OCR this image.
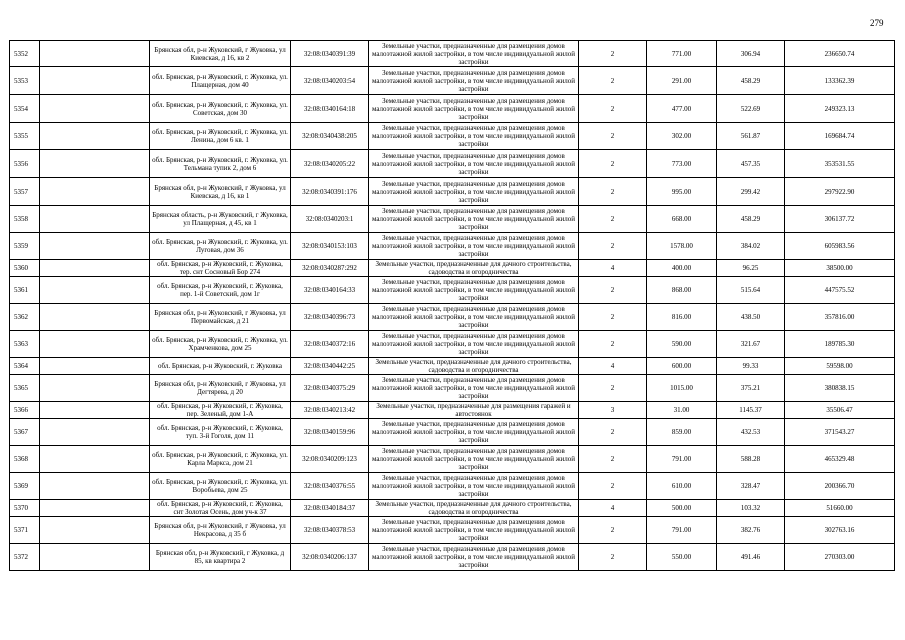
279
5352		Брянская обл, р-н Жуковский, г Жуковка, ул Киевская, д 16, кв 2	32:08:0340391:39	Земельные участки, предназначенные для размещения домов малоэтажной жилой застройки, в том числе индивидуальной жилой застройки	2	771.00	306.94	236650.74
5353		обл. Брянская, р-н Жуковский, г. Жуковка, ул. Плащерная, дом 40	32:08:0340203:54	Земельные участки, предназначенные для размещения домов малоэтажной жилой застройки, в том числе индивидуальной жилой застройки	2	291.00	458.29	133362.39
5354		обл. Брянская, р-н Жуковский, г. Жуковка, ул. Советская, дом 30	32:08:0340164:18	Земельные участки, предназначенные для размещения домов малоэтажной жилой застройки, в том числе индивидуальной жилой застройки	2	477.00	522.69	249323.13
5355		обл. Брянская, р-н Жуковский, г. Жуковка, ул. Ленина, дом 6 кв. 1	32:08:0340438:205	Земельные участки, предназначенные для размещения домов малоэтажной жилой застройки, в том числе индивидуальной жилой застройки	2	302.00	561.87	169684.74
5356		обл. Брянская, р-н Жуковский, г. Жуковка, ул. Тельмана тупик 2, дом 6	32:08:0340205:22	Земельные участки, предназначенные для размещения домов малоэтажной жилой застройки, в том числе индивидуальной жилой застройки	2	773.00	457.35	353531.55
5357		Брянская обл, р-н Жуковский, г Жуковка, ул Киевская, д 16, кв 1	32:08:0340391:176	Земельные участки, предназначенные для размещения домов малоэтажной жилой застройки, в том числе индивидуальной жилой застройки	2	995.00	299.42	297922.90
5358		Брянская область, р-н Жуковский, г Жуковка, ул Плащерная, д 45, кв 1	32:08:0340203:1	Земельные участки, предназначенные для размещения домов малоэтажной жилой застройки, в том числе индивидуальной жилой застройки	2	668.00	458.29	306137.72
5359		обл. Брянская, р-н Жуковский, г. Жуковка, ул. Луговая, дом 36	32:08:0340153:103	Земельные участки, предназначенные для размещения домов малоэтажной жилой застройки, в том числе индивидуальной жилой застройки	2	1578.00	384.02	605983.56
5360		обл. Брянская, р-н Жуковский, г. Жуковка, тер. снт Сосновый Бор 274	32:08:0340287:292	Земельные участки, предназначенные для дачного строительства, садоводства и огородничества	4	400.00	96.25	38500.00
5361		обл. Брянская, р-н Жуковский, г. Жуковка, пер. 1-й Советский, дом 1г	32:08:0340164:33	Земельные участки, предназначенные для размещения домов малоэтажной жилой застройки, в том числе индивидуальной жилой застройки	2	868.00	515.64	447575.52
5362		Брянская обл, р-н Жуковский, г Жуковка, ул Первомайская, д 21	32:08:0340396:73	Земельные участки, предназначенные для размещения домов малоэтажной жилой застройки, в том числе индивидуальной жилой застройки	2	816.00	438.50	357816.00
5363		обл. Брянская, р-н Жуковский, г. Жуковка, ул. Храмченкова, дом 25	32:08:0340372:16	Земельные участки, предназначенные для размещения домов малоэтажной жилой застройки, в том числе индивидуальной жилой застройки	2	590.00	321.67	189785.30
5364		обл. Брянская, р-н Жуковский, г. Жуковка	32:08:0340442:25	Земельные участки, предназначенные для дачного строительства, садоводства и огородничества	4	600.00	99.33	59598.00
5365		Брянская обл, р-н Жуковский, г Жуковка, ул Дегтярева, д 20	32:08:0340375:29	Земельные участки, предназначенные для размещения домов малоэтажной жилой застройки, в том числе индивидуальной жилой застройки	2	1015.00	375.21	380838.15
5366		обл. Брянская, р-н Жуковский, г. Жуковка, пер. Зеленый, дом 1-А	32:08:0340213:42	Земельные участки, предназначенные для размещения гаражей и автостоянок	3	31.00	1145.37	35506.47
5367		обл. Брянская, р-н Жуковский, г. Жуковка, туп. 3-й Гоголя, дом 11	32:08:0340159:96	Земельные участки, предназначенные для размещения домов малоэтажной жилой застройки, в том числе индивидуальной жилой застройки	2	859.00	432.53	371543.27
5368		обл. Брянская, р-н Жуковский, г. Жуковка, ул. Карла Маркса, дом 21	32:08:0340209:123	Земельные участки, предназначенные для размещения домов малоэтажной жилой застройки, в том числе индивидуальной жилой застройки	2	791.00	588.28	465329.48
5369		обл. Брянская, р-н Жуковский, г. Жуковка, ул. Воробьева, дом 25	32:08:0340376:55	Земельные участки, предназначенные для размещения домов малоэтажной жилой застройки, в том числе индивидуальной жилой застройки	2	610.00	328.47	200366.70
5370		обл. Брянская, р-н Жуковский, г. Жуковка, снт Золотая Осень, дом уч-к 37	32:08:0340184:37	Земельные участки, предназначенные для дачного строительства, садоводства и огородничества	4	500.00	103.32	51660.00
5371		Брянская обл, р-н Жуковский, г Жуковка, ул Некрасова, д 35 б	32:08:0340378:53	Земельные участки, предназначенные для размещения домов малоэтажной жилой застройки, в том числе индивидуальной жилой застройки	2	791.00	382.76	302763.16
5372		Брянская обл, р-н Жуковский, г Жуковка, д 85, кв квартира 2	32:08:0340206:137	Земельные участки, предназначенные для размещения домов малоэтажной жилой застройки, в том числе индивидуальной жилой застройки	2	550.00	491.46	270303.00
